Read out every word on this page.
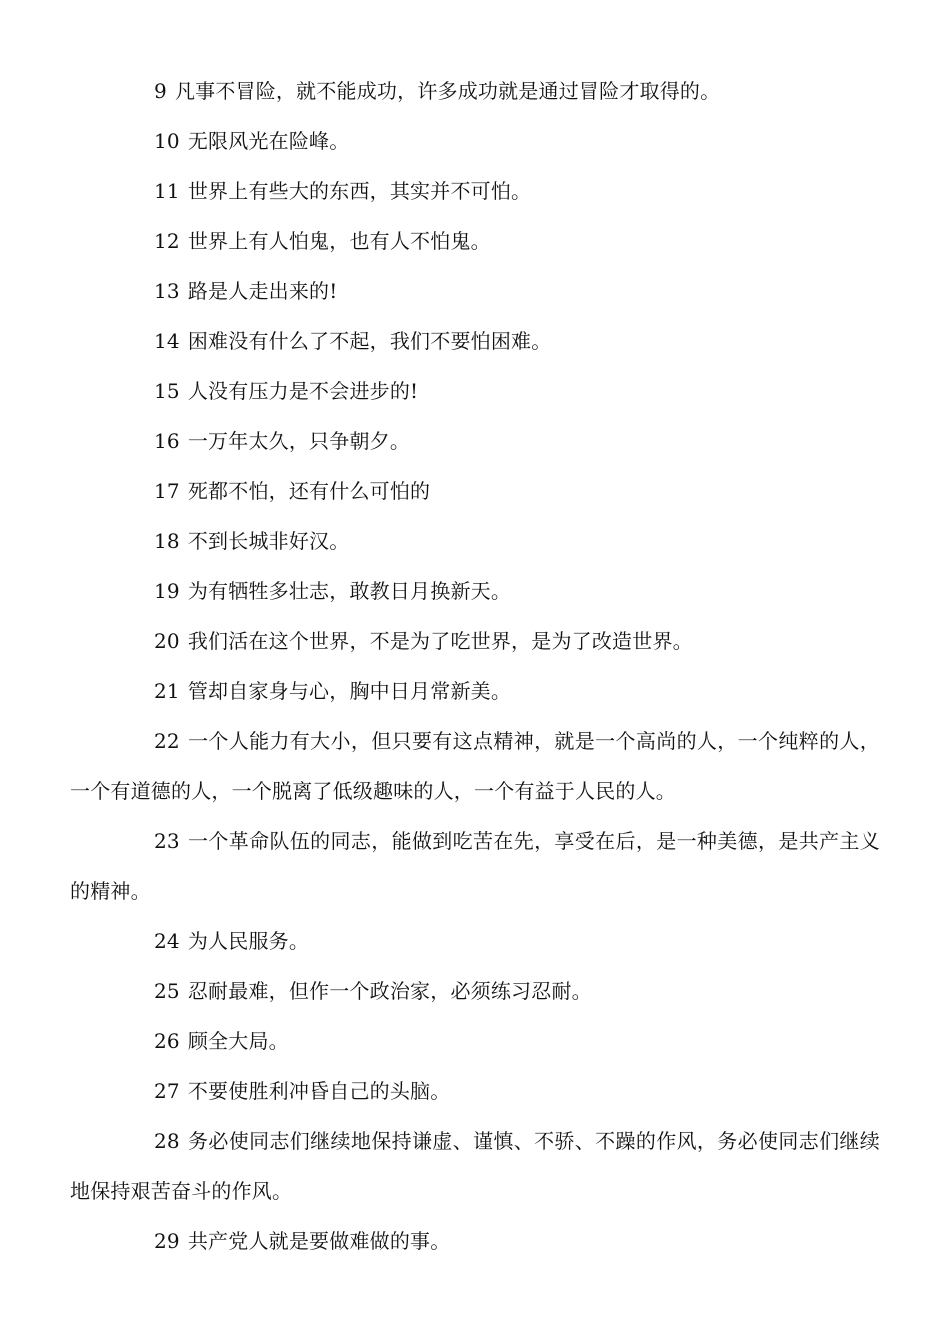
9 凡事不冒险，就不能成功，许多成功就是通过冒险才取得的。

10 无限风光在险峰。

11 世界上有些大的东西，其实并不可怕。

12 世界上有人怕鬼，也有人不怕鬼。

13 路是人走出来的!

14 困难没有什么了不起，我们不要怕困难。

15 人没有压力是不会进步的!

16 一万年太久，只争朝夕。

17 死都不怕，还有什么可怕的

18 不到长城非好汉。

19 为有牺牲多壮志，敢教日月换新天。

20 我们活在这个世界，不是为了吃世界，是为了改造世界。

21 管却自家身与心，胸中日月常新美。

22 一个人能力有大小，但只要有这点精神，就是一个高尚的人，一个纯粹的人，一个有道德的人，一个脱离了低级趣味的人，一个有益于人民的人。

23 一个革命队伍的同志，能做到吃苦在先，享受在后，是一种美德，是共产主义的精神。

24 为人民服务。

25 忍耐最难，但作一个政治家，必须练习忍耐。

26 顾全大局。

27 不要使胜利冲昏自己的头脑。

28 务必使同志们继续地保持谦虚、谨慎、不骄、不躁的作风，务必使同志们继续地保持艰苦奋斗的作风。

29 共产党人就是要做难做的事。
